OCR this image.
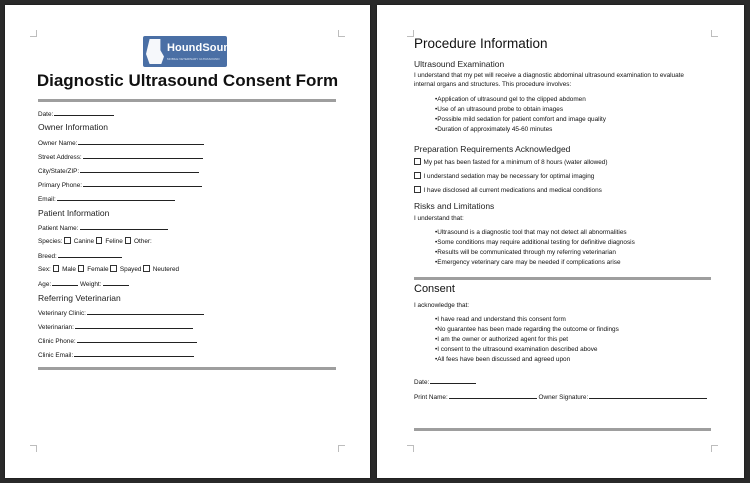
HoundSound
MOBILE VETERINARY ULTRASOUND
Diagnostic Ultrasound Consent Form
Date:
Owner Information
Owner Name:
Street Address:
City/State/ZIP:
Primary Phone:
Email:
Patient Information
Patient Name:
Species: Canine Feline Other:
Breed:
Sex: Male Female Spayed Neutered
Age:	Weight:
Referring Veterinarian
Veterinary Clinic:
Veterinarian:
Clinic Phone:
Clinic Email:
Procedure Information
Ultrasound Examination
I understand that my pet will receive a diagnostic abdominal ultrasound examination to evaluate
internal organs and structures. This procedure involves:
• Application of ultrasound gel to the clipped abdomen
• Use of an ultrasound probe to obtain images
• Possible mild sedation for patient comfort and image quality
• Duration of approximately 45-60 minutes
Preparation Requirements Acknowledged
My pet has been fasted for a minimum of 8 hours (water allowed)
I understand sedation may be necessary for optimal imaging
I have disclosed all current medications and medical conditions
Risks and Limitations
I understand that:
• Ultrasound is a diagnostic tool that may not detect all abnormalities
• Some conditions may require additional testing for definitive diagnosis
• Results will be communicated through my referring veterinarian
• Emergency veterinary care may be needed if complications arise
Consent
I acknowledge that:
• I have read and understand this consent form
• No guarantee has been made regarding the outcome or findings
• I am the owner or authorized agent for this pet
• I consent to the ultrasound examination described above
• All fees have been discussed and agreed upon
Date:
Print Name:	Owner Signature:
